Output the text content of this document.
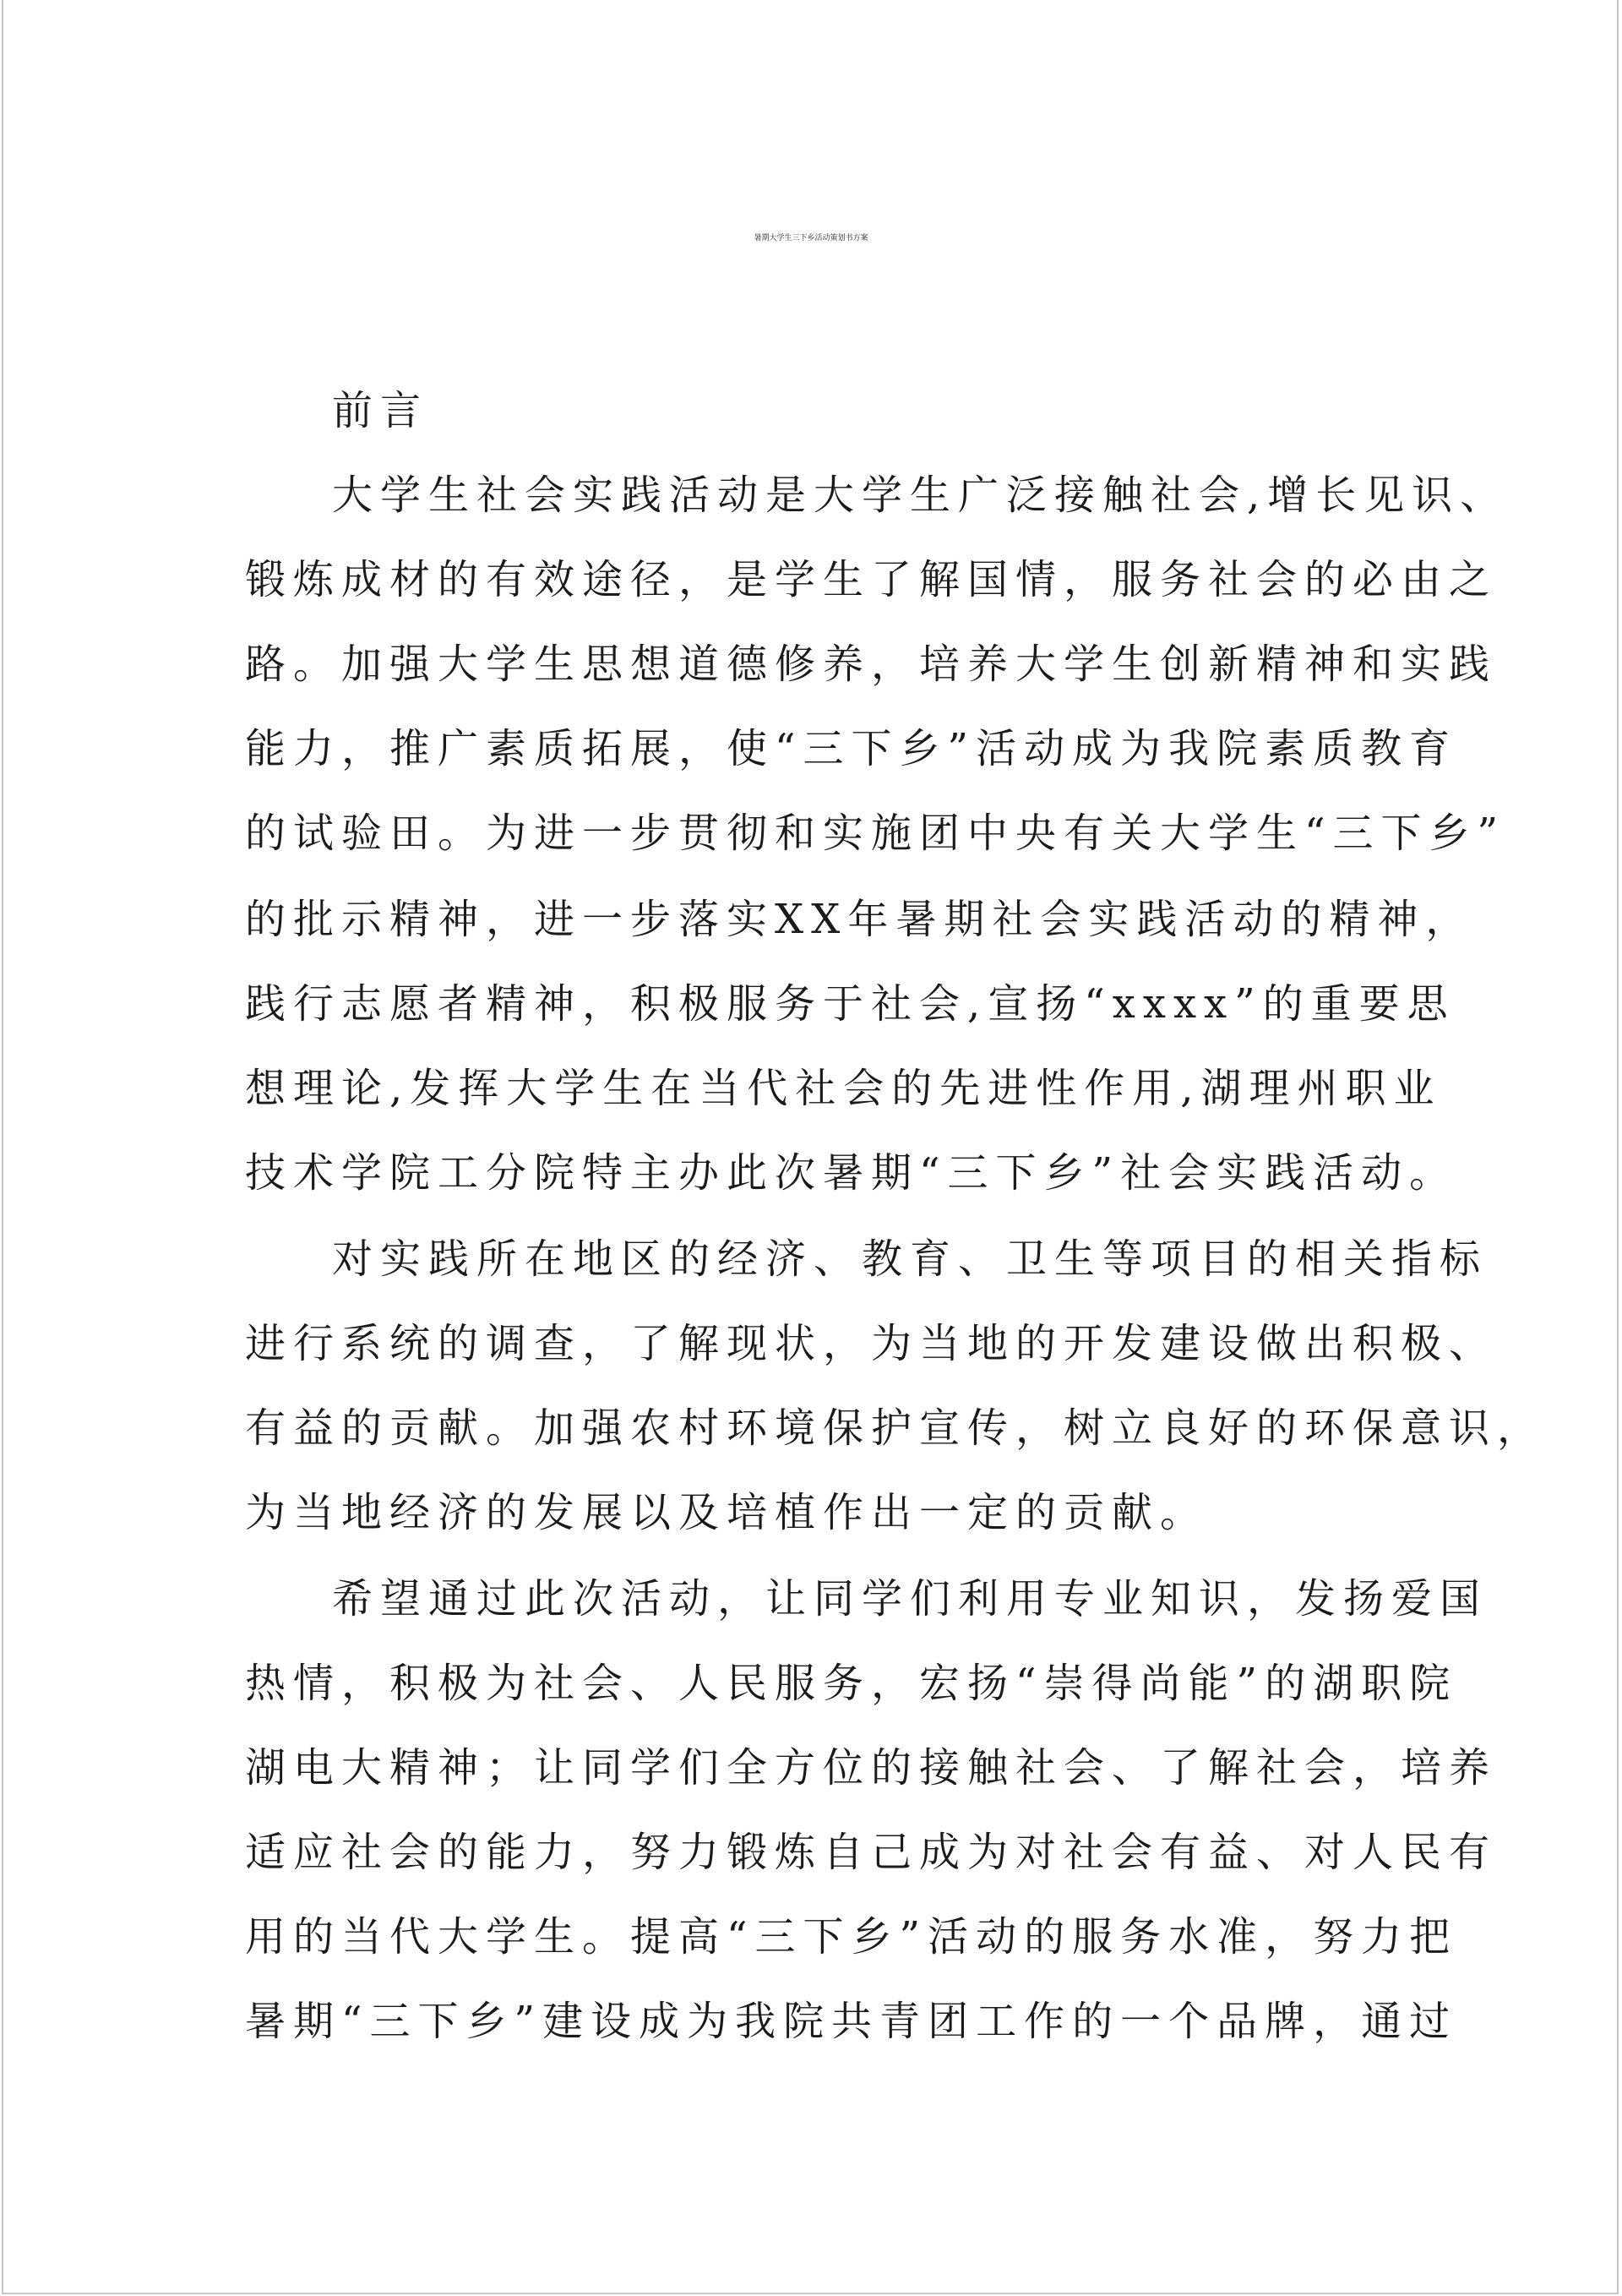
暑期大学生三下乡活动策划书方案
前言
大学生社会实践活动是大学生广泛接触社会,增长见识、
锻炼成材的有效途径，是学生了解国情，服务社会的必由之
路。加强大学生思想道德修养，培养大学生创新精神和实践
能力，推广素质拓展，使“三下乡”活动成为我院素质教育
的试验田。为进一步贯彻和实施团中央有关大学生“三下乡”
的批示精神，进一步落实XX年暑期社会实践活动的精神，
践行志愿者精神，积极服务于社会,宣扬“xxxx”的重要思
想理论,发挥大学生在当代社会的先进性作用,湖理州职业
技术学院工分院特主办此次暑期“三下乡”社会实践活动。
对实践所在地区的经济、教育、卫生等项目的相关指标
进行系统的调查，了解现状，为当地的开发建设做出积极、
有益的贡献。加强农村环境保护宣传，树立良好的环保意识，
为当地经济的发展以及培植作出一定的贡献。
希望通过此次活动，让同学们利用专业知识，发扬爱国
热情，积极为社会、人民服务，宏扬“崇得尚能”的湖职院
湖电大精神；让同学们全方位的接触社会、了解社会，培养
适应社会的能力，努力锻炼自己成为对社会有益、对人民有
用的当代大学生。提高“三下乡”活动的服务水准，努力把
暑期“三下乡”建设成为我院共青团工作的一个品牌，通过
